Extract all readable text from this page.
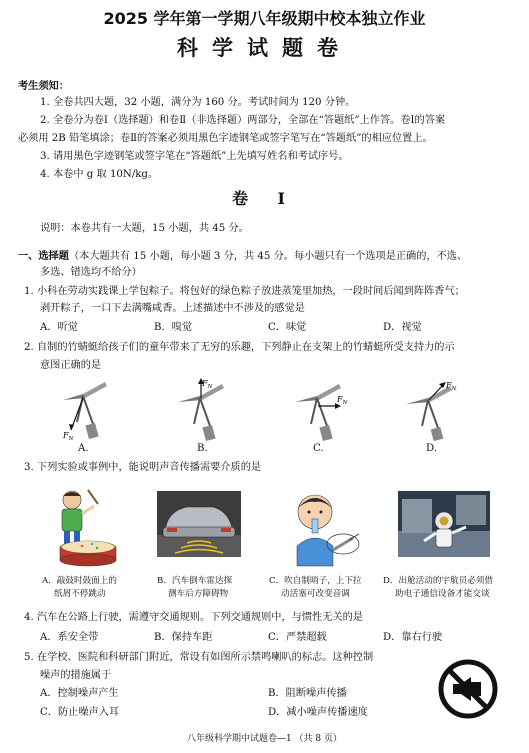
2025 学年第一学期八年级期中校本独立作业
科学试题卷
考生须知：
1. 全卷共四大题，32 小题，满分为 160 分。考试时间为 120 分钟。
2. 全卷分为卷Ⅰ（选择题）和卷Ⅱ（非选择题）两部分，全部在“答题纸”上作答。卷Ⅰ的答案
必须用 2B 铅笔填涂；卷Ⅱ的答案必须用黑色字迹钢笔或签字笔写在“答题纸”的相应位置上。
3. 请用黑色字迹钢笔或签字笔在“答题纸”上先填写姓名和考试序号。
4. 本卷中 g 取 10N/kg。
卷 Ⅰ
说明：本卷共有一大题，15 小题，共 45 分。
一、选择题（本大题共有 15 小题，每小题 3 分，共 45 分。每小题只有一个选项是正确的，不选、
多选、错选均不给分）
1. 小科在劳动实践课上学包粽子。将包好的绿色粽子放进蒸笼里加热，一段时间后闻到阵阵香气；
剥开粽子，一口下去满嘴咸香。上述描述中不涉及的感觉是
A．听觉	B．嗅觉	C．味觉	D．视觉
2. 自制的竹蜻蜓给孩子们的童年带来了无穷的乐趣，下列静止在支架上的竹蜻蜓所受支持力的示
意图正确的是
$F_N$
A.
$F_N$
B.
$F_N$
C.
$F_N$
D.
3. 下列实验或事例中，能说明声音传播需要介质的是
A．敲鼓时鼓面上的
纸屑不停跳动
B．汽车倒车雷达探
测车后方障碍物
C．吹自制哨子，上下拉
动活塞可改变音调
D．出舱活动的宇航员必须借
助电子通信设备才能交谈
4. 汽车在公路上行驶，需遵守交通规则。下列交通规则中，与惯性无关的是
A．系安全带	B．保持车距	C．严禁超载	D．靠右行驶
5. 在学校、医院和科研部门附近，常设有如图所示禁鸣喇叭的标志。这种控制
噪声的措施属于
A．控制噪声产生	B．阻断噪声传播
C．防止噪声入耳	D．减小噪声传播速度
八年级科学期中试题卷—1 （共 8 页）
